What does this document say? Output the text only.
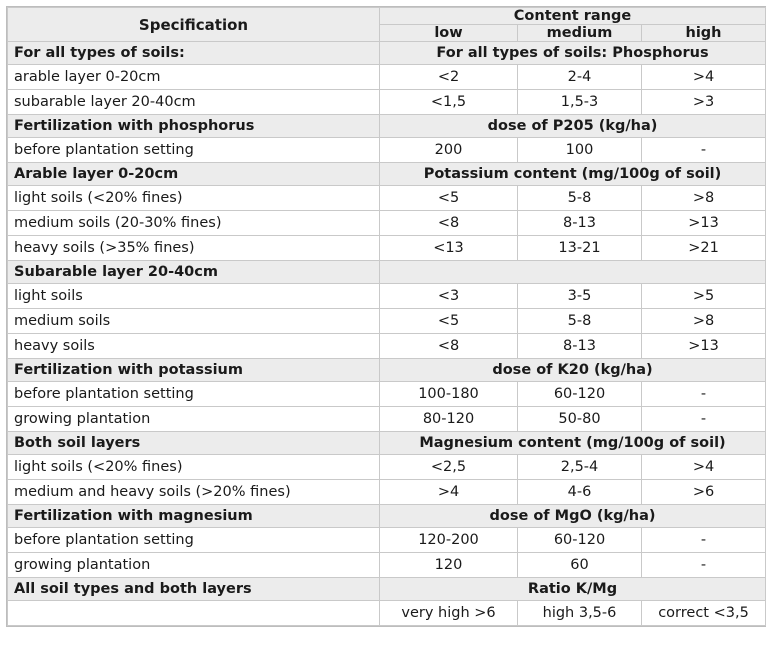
Specification	Content range		
	low	medium	high
For all types of soils:	For all types of soils: Phosphorus		
arable layer 0-20cm	<2	2-4	>4
subarable layer 20-40cm	<1,5	1,5-3	>3
Fertilization with phosphorus	dose of P205 (kg/ha)		
before plantation setting	200	100	-
Arable layer 0-20cm	Potassium content (mg/100g of soil)		
light soils (<20% fines)	<5	5-8	>8
medium soils (20-30% fines)	<8	8-13	>13
heavy soils (>35% fines)	<13	13-21	>21
Subarable layer 20-40cm			
light soils	<3	3-5	>5
medium soils	<5	5-8	>8
heavy soils	<8	8-13	>13
Fertilization with potassium	dose of K20 (kg/ha)		
before plantation setting	100-180	60-120	-
growing plantation	80-120	50-80	-
Both soil layers	Magnesium content (mg/100g of soil)		
light soils (<20% fines)	<2,5	2,5-4	>4
medium and heavy soils (>20% fines)	>4	4-6	>6
Fertilization with magnesium	dose of MgO (kg/ha)		
before plantation setting	120-200	60-120	-
growing plantation	120	60	-
All soil types and both layers	Ratio K/Mg		
	very high >6	high 3,5-6	correct <3,5
